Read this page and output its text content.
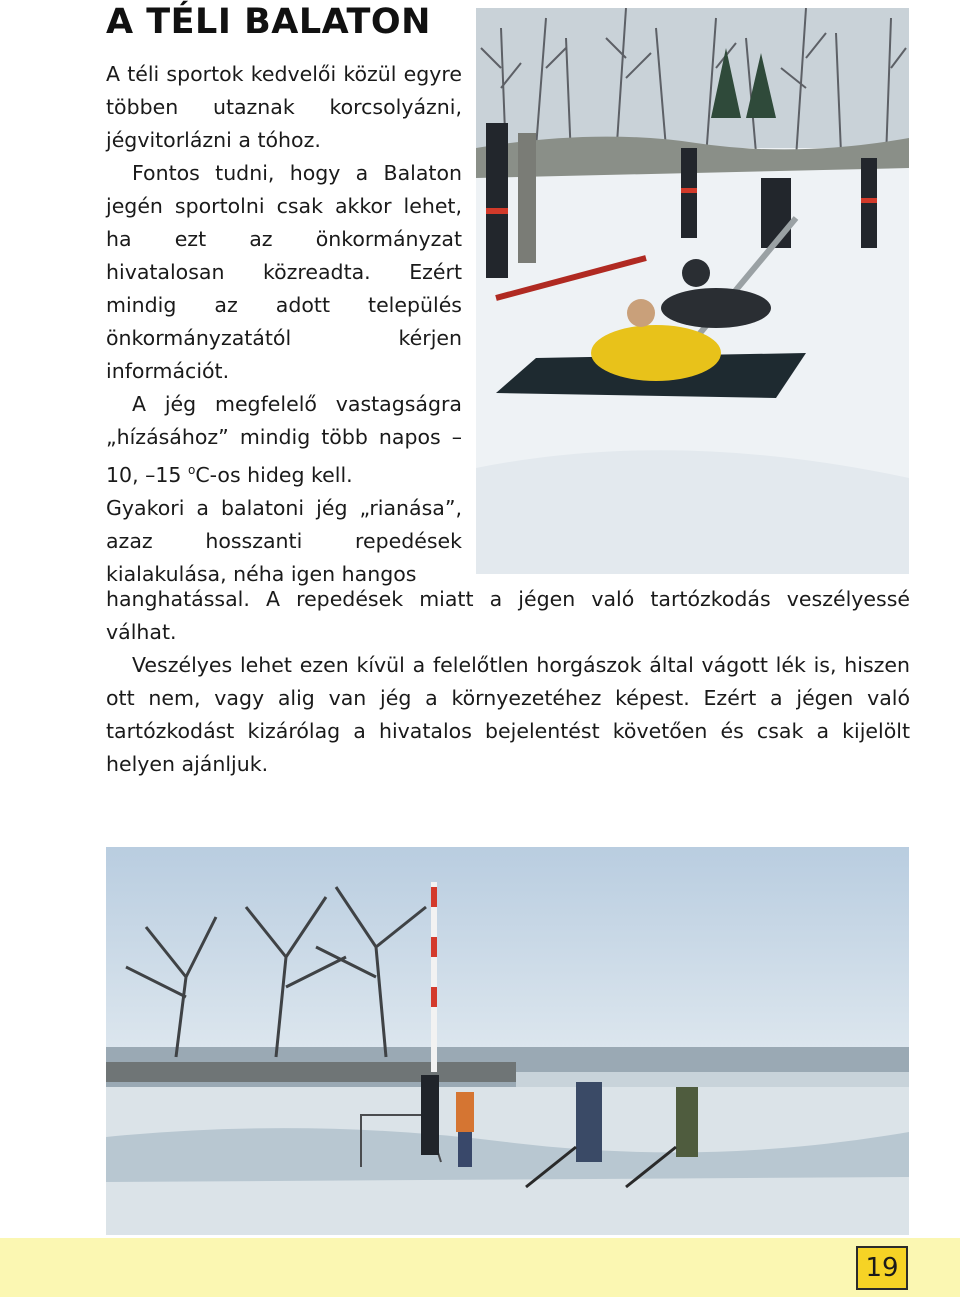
A TÉLI BALATON

A téli sportok kedvelői közül egyre többen utaznak korcsolyázni, jégvitorlázni a tóhoz.

Fontos tudni, hogy a Balaton jegén sportolni csak akkor lehet, ha ezt az önkormányzat hivatalosan közreadta. Ezért mindig az adott település önkormányzatától kérjen információt.

A jég megfelelő vastagságra „hízásához” mindig több napos –10, –15 $^o$C-os hideg kell.

Gyakori a balatoni jég „rianása”, azaz hosszanti repedések kialakulása, néha igen hangos

hanghatással. A repedések miatt a jégen való tartózkodás veszélyessé válhat.

Veszélyes lehet ezen kívül a felelőtlen horgászok által vágott lék is, hiszen ott nem, vagy alig van jég a környezetéhez képest. Ezért a jégen való tartózkodást kizárólag a hivatalos bejelentést követően és csak a kijelölt helyen ajánljuk.

19
